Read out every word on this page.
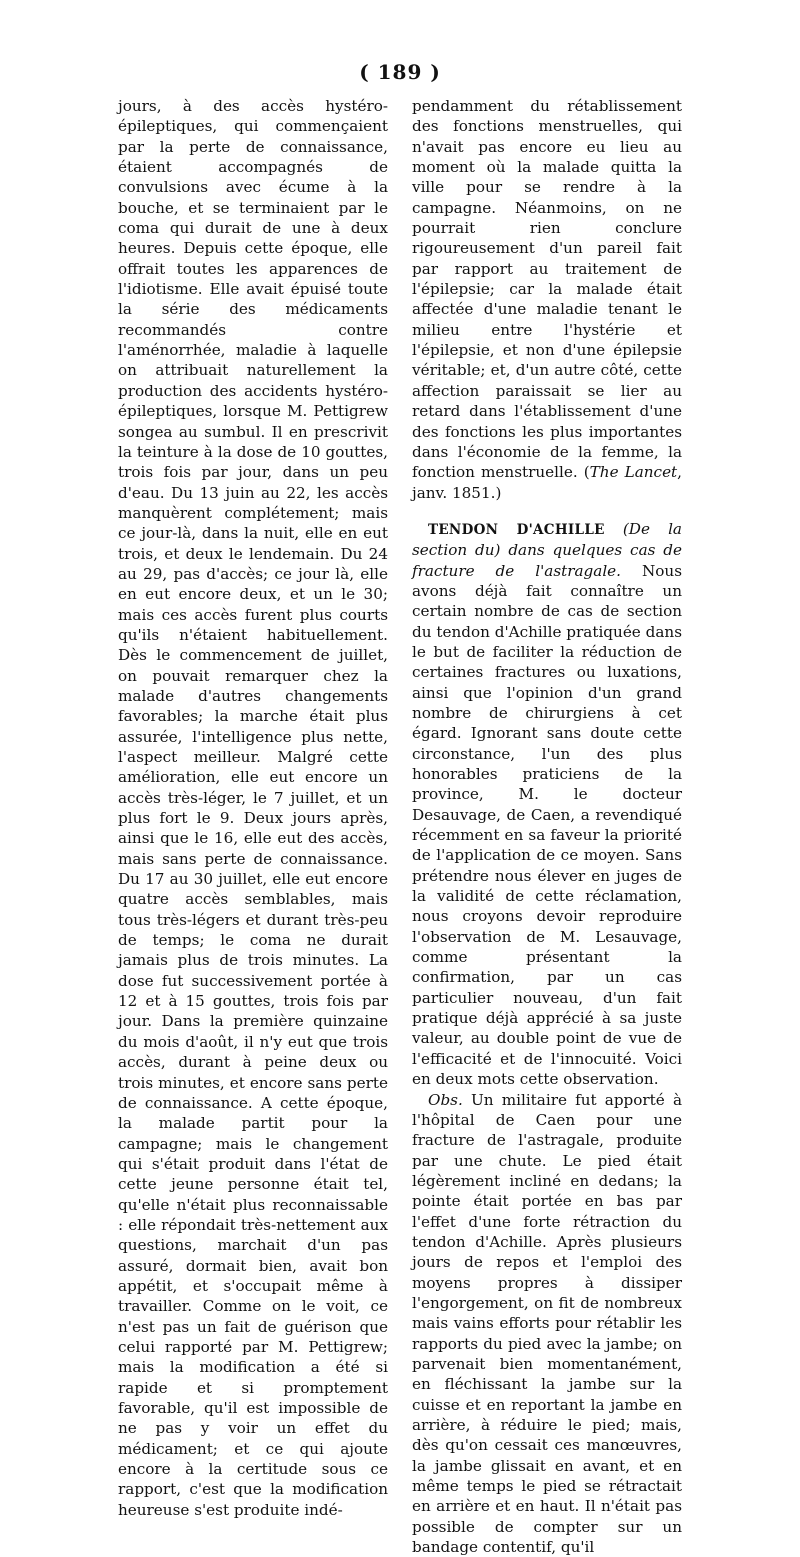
( 189 )

jours, à des accès hystéro-épileptiques, qui commençaient par la perte de connaissance, étaient accompagnés de convulsions avec écume à la bouche, et se terminaient par le coma qui durait de une à deux heures. Depuis cette époque, elle offrait toutes les apparences de l'idiotisme. Elle avait épuisé toute la série des médicaments recommandés contre l'aménorrhée, maladie à laquelle on attribuait naturellement la production des accidents hystéro-épileptiques, lorsque M. Pettigrew songea au sumbul. Il en prescrivit la teinture à la dose de 10 gouttes, trois fois par jour, dans un peu d'eau. Du 13 juin au 22, les accès manquèrent complétement; mais ce jour-là, dans la nuit, elle en eut trois, et deux le lendemain. Du 24 au 29, pas d'accès; ce jour là, elle en eut encore deux, et un le 30; mais ces accès furent plus courts qu'ils n'étaient habituellement. Dès le commencement de juillet, on pouvait remarquer chez la malade d'autres changements favorables; la marche était plus assurée, l'intelligence plus nette, l'aspect meilleur. Malgré cette amélioration, elle eut encore un accès très-léger, le 7 juillet, et un plus fort le 9. Deux jours après, ainsi que le 16, elle eut des accès, mais sans perte de connaissance. Du 17 au 30 juillet, elle eut encore quatre accès semblables, mais tous très-légers et durant très-peu de temps; le coma ne durait jamais plus de trois minutes. La dose fut successivement portée à 12 et à 15 gouttes, trois fois par jour. Dans la première quinzaine du mois d'août, il n'y eut que trois accès, durant à peine deux ou trois minutes, et encore sans perte de connaissance. A cette époque, la malade partit pour la campagne; mais le changement qui s'était produit dans l'état de cette jeune personne était tel, qu'elle n'était plus reconnaissable : elle répondait très-nettement aux questions, marchait d'un pas assuré, dormait bien, avait bon appétit, et s'occupait même à travailler. Comme on le voit, ce n'est pas un fait de guérison que celui rapporté par M. Pettigrew; mais la modification a été si rapide et si promptement favorable, qu'il est impossible de ne pas y voir un effet du médicament; et ce qui ajoute encore à la certitude sous ce rapport, c'est que la modification heureuse s'est produite indé-

pendamment du rétablissement des fonctions menstruelles, qui n'avait pas encore eu lieu au moment où la malade quitta la ville pour se rendre à la campagne. Néanmoins, on ne pourrait rien conclure rigoureusement d'un pareil fait par rapport au traitement de l'épilepsie; car la malade était affectée d'une maladie tenant le milieu entre l'hystérie et l'épilepsie, et non d'une épilepsie véritable; et, d'un autre côté, cette affection paraissait se lier au retard dans l'établissement d'une des fonctions les plus importantes dans l'économie de la femme, la fonction menstruelle. (The Lancet, janv. 1851.)

TENDON D'ACHILLE (De la section du) dans quelques cas de fracture de l'astragale. Nous avons déjà fait connaître un certain nombre de cas de section du tendon d'Achille pratiquée dans le but de faciliter la réduction de certaines fractures ou luxations, ainsi que l'opinion d'un grand nombre de chirurgiens à cet égard. Ignorant sans doute cette circonstance, l'un des plus honorables praticiens de la province, M. le docteur Desauvage, de Caen, a revendiqué récemment en sa faveur la priorité de l'application de ce moyen. Sans prétendre nous élever en juges de la validité de cette réclamation, nous croyons devoir reproduire l'observation de M. Lesauvage, comme présentant la confirmation, par un cas particulier nouveau, d'un fait pratique déjà apprécié à sa juste valeur, au double point de vue de l'efficacité et de l'innocuité. Voici en deux mots cette observation.

Obs. Un militaire fut apporté à l'hôpital de Caen pour une fracture de l'astragale, produite par une chute. Le pied était légèrement incliné en dedans; la pointe était portée en bas par l'effet d'une forte rétraction du tendon d'Achille. Après plusieurs jours de repos et l'emploi des moyens propres à dissiper l'engorgement, on fit de nombreux mais vains efforts pour rétablir les rapports du pied avec la jambe; on parvenait bien momentanément, en fléchissant la jambe sur la cuisse et en reportant la jambe en arrière, à réduire le pied; mais, dès qu'on cessait ces manœuvres, la jambe glissait en avant, et en même temps le pied se rétractait en arrière et en haut. Il n'était pas possible de compter sur un bandage contentif, qu'il
